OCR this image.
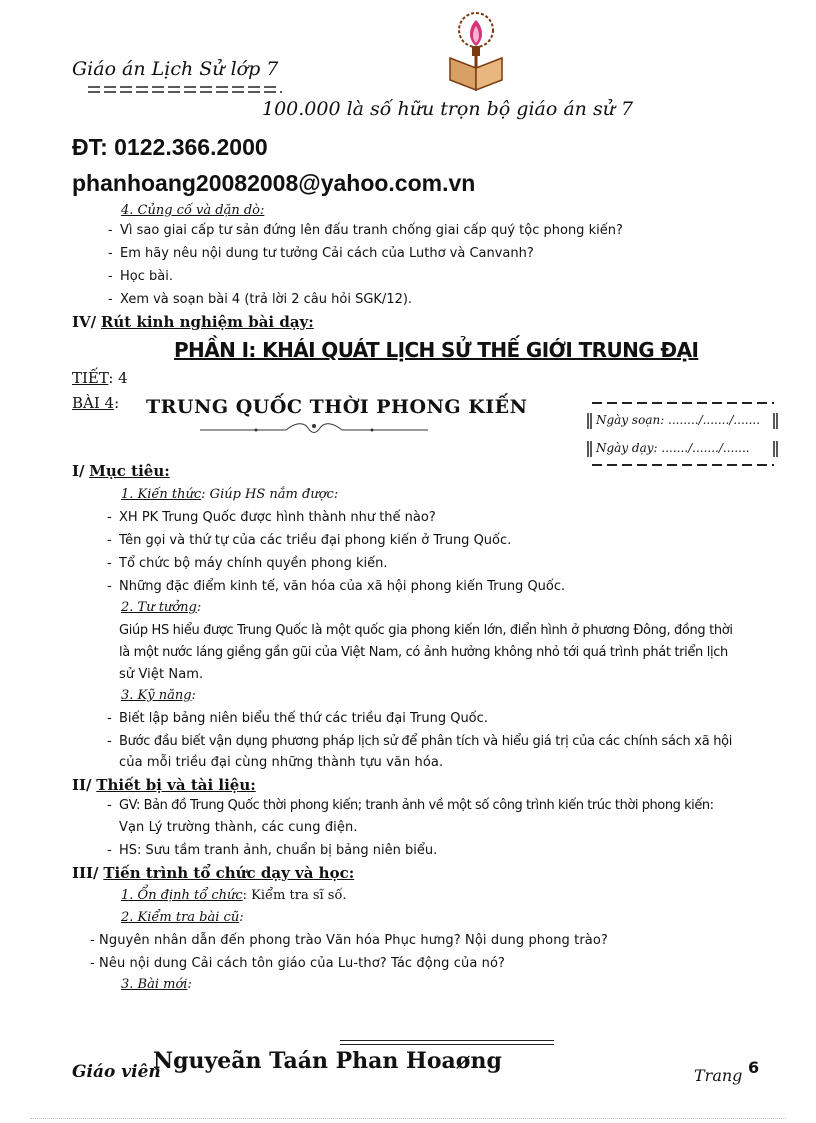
Giáo án Lịch Sử lớp 7
100.000 là số hữu trọn bộ giáo án sử 7
ĐT: 0122.366.2000
phanhoang20082008@yahoo.com.vn
4. Củng cố và dặn dò:
- Vì sao giai cấp tư sản đứng lên đấu tranh chống giai cấp quý tộc phong kiến?
- Em hãy nêu nội dung tư tưởng Cải cách của Luthơ và Canvanh?
- Học bài.
- Xem và soạn bài 4 (trả lời 2 câu hỏi SGK/12).
IV/ Rút kinh nghiệm bài dạy:
PHẦN I: KHÁI QUÁT LỊCH SỬ THẾ GIỚI TRUNG ĐẠI
TIẾT: 4
BÀI 4: TRUNG QUỐC THỜI PHONG KIẾN
Ngày soạn: ......../......./.......
Ngày dạy: ......./......./.......
I/ Mục tiêu:
1. Kiến thức: Giúp HS nắm được:
- XH PK Trung Quốc được hình thành như thế nào?
- Tên gọi và thứ tự của các triều đại phong kiến ở Trung Quốc.
- Tổ chức bộ máy chính quyền phong kiến.
- Những đặc điểm kinh tế, văn hóa của xã hội phong kiến Trung Quốc.
2. Tư tưởng:
Giúp HS hiểu được Trung Quốc là một quốc gia phong kiến lớn, điển hình ở phương Đông, đồng thời
là một nước láng giềng gần gũi của Việt Nam, có ảnh hưởng không nhỏ tới quá trình phát triển lịch
sử Việt Nam.
3. Kỹ năng:
- Biết lập bảng niên biểu thế thứ các triều đại Trung Quốc.
- Bước đầu biết vận dụng phương pháp lịch sử để phân tích và hiểu giá trị của các chính sách xã hội
của mỗi triều đại cùng những thành tựu văn hóa.
II/ Thiết bị và tài liệu:
- GV: Bản đồ Trung Quốc thời phong kiến; tranh ảnh về một số công trình kiến trúc thời phong kiến:
Vạn Lý trường thành, các cung điện.
- HS: Sưu tầm tranh ảnh, chuẩn bị bảng niên biểu.
III/ Tiến trình tổ chức dạy và học:
1. Ổn định tổ chức: Kiểm tra sĩ số.
2. Kiểm tra bài cũ:
- Nguyên nhân dẫn đến phong trào Văn hóa Phục hưng? Nội dung phong trào?
- Nêu nội dung Cải cách tôn giáo của Lu-thơ? Tác động của nó?
3. Bài mới:
Giáo viên
Nguyeãn Taán Phan Hoaøng
Trang 6
